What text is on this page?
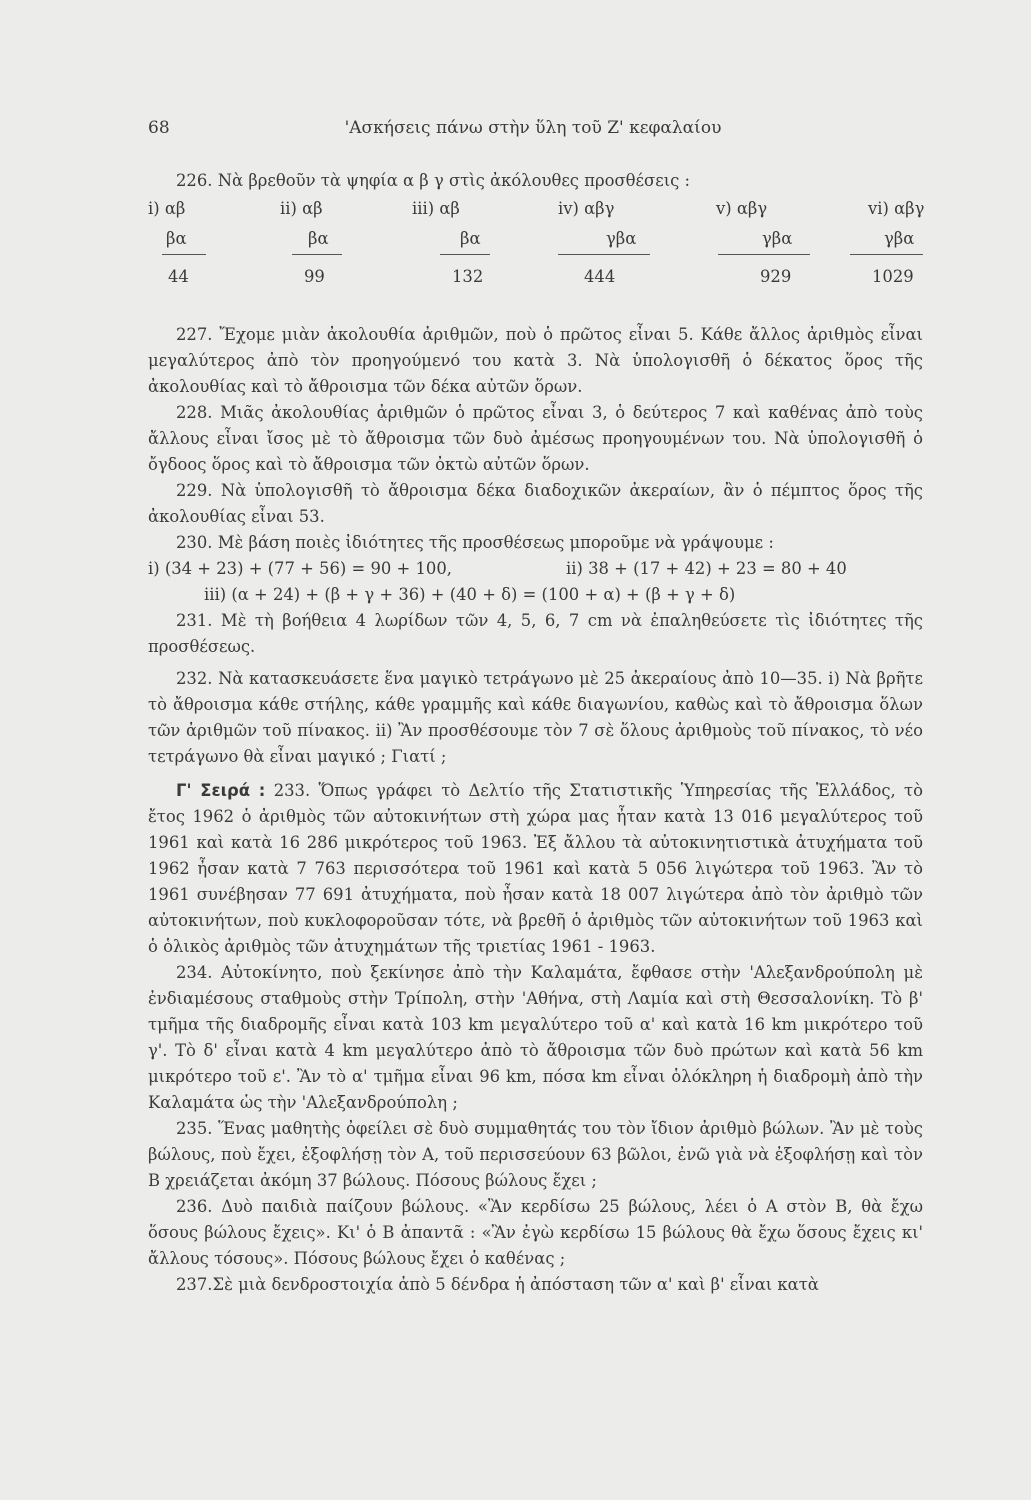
68	'Ασκήσεις πάνω στὴν ὕλη τοῦ Ζ' κεφαλαίου

226. Νὰ βρεθοῦν τὰ ψηφία α β γ στὶς ἀκόλουθες προσθέσεις :

i) αβ
βα
44
ii) αβ
βα
99
iii) αβ
βα
132
iv) αβγ
γβα
444
v) αβγ
γβα
929
vi) αβγ
γβα
1029

227. Ἔχομε μιὰν ἀκολουθία ἀριθμῶν, ποὺ ὁ πρῶτος εἶναι 5. Κάθε ἄλλος ἀριθμὸς εἶναι μεγαλύτερος ἀπὸ τὸν προηγούμενό του κατὰ 3. Νὰ ὑπολογισθῆ ὁ δέκατος ὅρος τῆς ἀκολουθίας καὶ τὸ ἄθροισμα τῶν δέκα αὐτῶν ὅρων.

228. Μιᾶς ἀκολουθίας ἀριθμῶν ὁ πρῶτος εἶναι 3, ὁ δεύτερος 7 καὶ καθένας ἀπὸ τοὺς ἄλλους εἶναι ἴσος μὲ τὸ ἄθροισμα τῶν δυὸ ἀμέσως προηγουμένων του. Νὰ ὑπολογισθῆ ὁ ὄγδοος ὅρος καὶ τὸ ἄθροισμα τῶν ὀκτὼ αὐτῶν ὅρων.

229. Νὰ ὑπολογισθῆ τὸ ἄθροισμα δέκα διαδοχικῶν ἀκεραίων, ἂν ὁ πέμπτος ὅρος τῆς ἀκολουθίας εἶναι 53.

230. Μὲ βάση ποιὲς ἰδιότητες τῆς προσθέσεως μποροῦμε νὰ γράψουμε :

i) (34 + 23) + (77 + 56) = 90 + 100,	ii) 38 + (17 + 42) + 23 = 80 + 40

iii) (α + 24) + (β + γ + 36) + (40 + δ) = (100 + α) + (β + γ + δ)

231. Μὲ τὴ βοήθεια 4 λωρίδων τῶν 4, 5, 6, 7 cm νὰ ἐπαληθεύσετε τὶς ἰδιότητες τῆς προσθέσεως.

232. Νὰ κατασκευάσετε ἕνα μαγικὸ τετράγωνο μὲ 25 ἀκεραίους ἀπὸ 10—35. i) Νὰ βρῆτε τὸ ἄθροισμα κάθε στήλης, κάθε γραμμῆς καὶ κάθε διαγωνίου, καθὼς καὶ τὸ ἄθροισμα ὅλων τῶν ἀριθμῶν τοῦ πίνακος. ii) Ἂν προσθέσουμε τὸν 7 σὲ ὅλους ἀριθμοὺς τοῦ πίνακος, τὸ νέο τετράγωνο θὰ εἶναι μαγικό ; Γιατί ;

Γ' Σειρά : 233. Ὅπως γράφει τὸ Δελτίο τῆς Στατιστικῆς Ὑπηρεσίας τῆς Ἑλλάδος, τὸ ἔτος 1962 ὁ ἀριθμὸς τῶν αὐτοκινήτων στὴ χώρα μας ἦταν κατὰ 13 016 μεγαλύτερος τοῦ 1961 καὶ κατὰ 16 286 μικρότερος τοῦ 1963. Ἐξ ἄλλου τὰ αὐτοκινητιστικὰ ἀτυχήματα τοῦ 1962 ἦσαν κατὰ 7 763 περισσότερα τοῦ 1961 καὶ κατὰ 5 056 λιγώτερα τοῦ 1963. Ἂν τὸ 1961 συνέβησαν 77 691 ἀτυχήματα, ποὺ ἦσαν κατὰ 18 007 λιγώτερα ἀπὸ τὸν ἀριθμὸ τῶν αὐτοκινήτων, ποὺ κυκλοφοροῦσαν τότε, νὰ βρεθῆ ὁ ἀριθμὸς τῶν αὐτοκινήτων τοῦ 1963 καὶ ὁ ὁλικὸς ἀριθμὸς τῶν ἀτυχημάτων τῆς τριετίας 1961 - 1963.

234. Αὐτοκίνητο, ποὺ ξεκίνησε ἀπὸ τὴν Καλαμάτα, ἔφθασε στὴν 'Αλεξανδρούπολη μὲ ἐνδιαμέσους σταθμοὺς στὴν Τρίπολη, στὴν 'Αθήνα, στὴ Λαμία καὶ στὴ Θεσσαλονίκη. Τὸ β' τμῆμα τῆς διαδρομῆς εἶναι κατὰ 103 km μεγαλύτερο τοῦ α' καὶ κατὰ 16 km μικρότερο τοῦ γ'. Τὸ δ' εἶναι κατὰ 4 km μεγαλύτερο ἀπὸ τὸ ἄθροισμα τῶν δυὸ πρώτων καὶ κατὰ 56 km μικρότερο τοῦ ε'. Ἂν τὸ α' τμῆμα εἶναι 96 km, πόσα km εἶναι ὁλόκληρη ἡ διαδρομὴ ἀπὸ τὴν Καλαμάτα ὡς τὴν 'Αλεξανδρούπολη ;

235. Ἕνας μαθητὴς ὀφείλει σὲ δυὸ συμμαθητάς του τὸν ἴδιον ἀριθμὸ βώλων. Ἂν μὲ τοὺς βώλους, ποὺ ἔχει, ἐξοφλήσῃ τὸν Α, τοῦ περισσεύουν 63 βῶλοι, ἐνῶ γιὰ νὰ ἐξοφλήσῃ καὶ τὸν Β χρειάζεται ἀκόμη 37 βώλους. Πόσους βώλους ἔχει ;

236. Δυὸ παιδιὰ παίζουν βώλους. «Ἂν κερδίσω 25 βώλους, λέει ὁ Α στὸν Β, θὰ ἔχω ὅσους βώλους ἔχεις». Κι' ὁ Β ἀπαντᾶ : «Ἂν ἐγὼ κερδίσω 15 βώλους θὰ ἔχω ὅσους ἔχεις κι' ἄλλους τόσους». Πόσους βώλους ἔχει ὁ καθένας ;

237.Σὲ μιὰ δενδροστοιχία ἀπὸ 5 δένδρα ἡ ἀπόσταση τῶν α' καὶ β' εἶναι κατὰ
